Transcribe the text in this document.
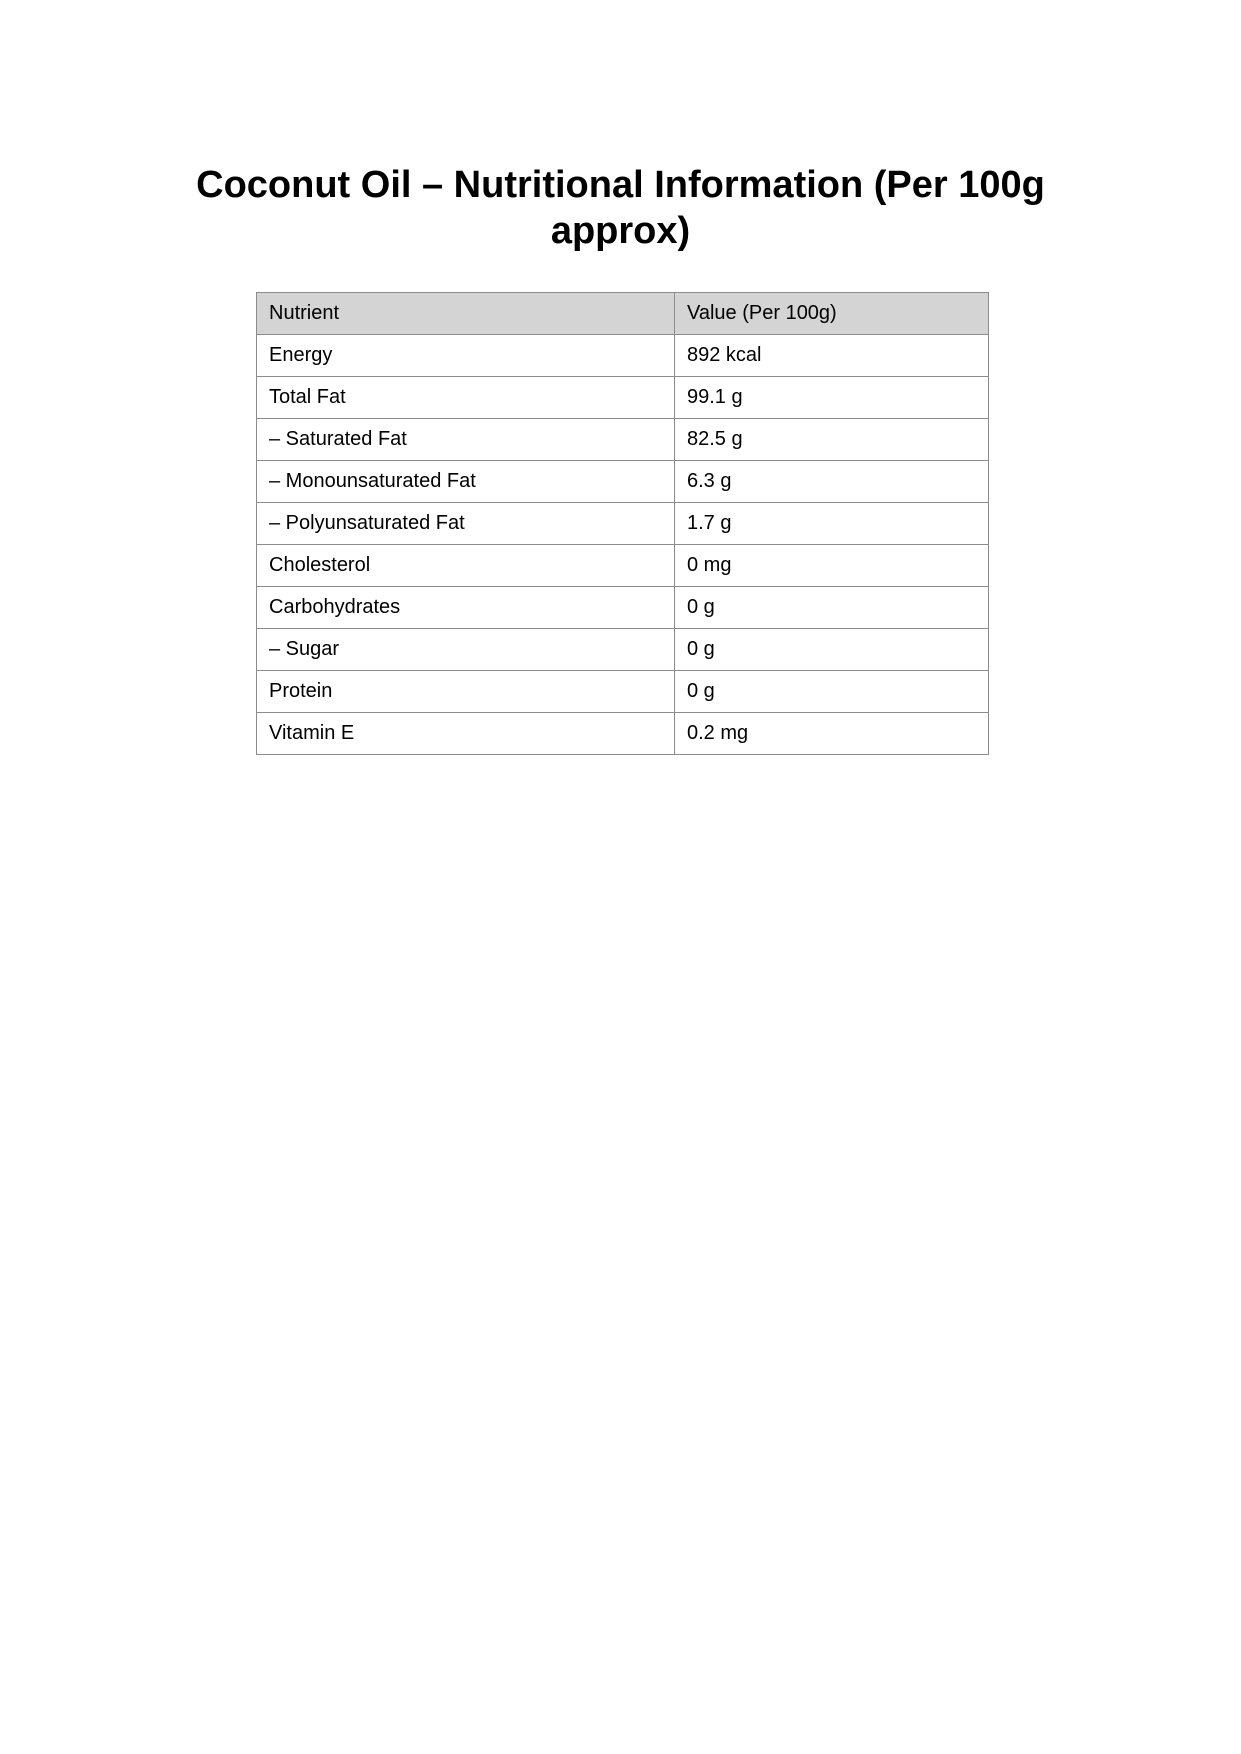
Coconut Oil – Nutritional Information (Per 100g approx)
Nutrient	Value (Per 100g)
Energy	892 kcal
Total Fat	99.1 g
– Saturated Fat	82.5 g
– Monounsaturated Fat	6.3 g
– Polyunsaturated Fat	1.7 g
Cholesterol	0 mg
Carbohydrates	0 g
– Sugar	0 g
Protein	0 g
Vitamin E	0.2 mg
